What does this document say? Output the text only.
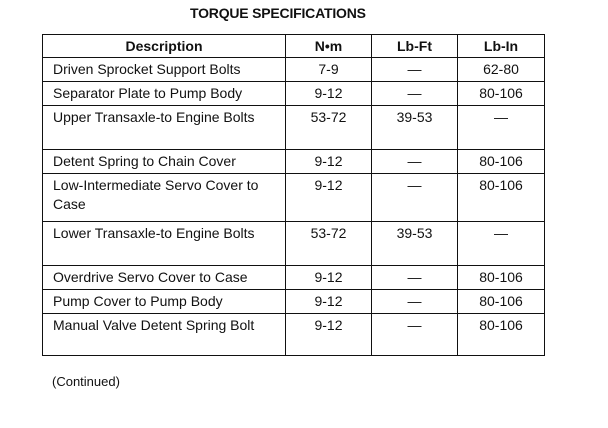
TORQUE SPECIFICATIONS
Description	N•m	Lb-Ft	Lb-In
Driven Sprocket Support Bolts	7-9	—	62-80
Separator Plate to Pump Body	9-12	—	80-106
Upper Transaxle-to Engine Bolts	53-72	39-53	—
Detent Spring to Chain Cover	9-12	—	80-106
Low-Intermediate Servo Cover to Case	9-12	—	80-106
Lower Transaxle-to Engine Bolts	53-72	39-53	—
Overdrive Servo Cover to Case	9-12	—	80-106
Pump Cover to Pump Body	9-12	—	80-106
Manual Valve Detent Spring Bolt	9-12	—	80-106
(Continued)
